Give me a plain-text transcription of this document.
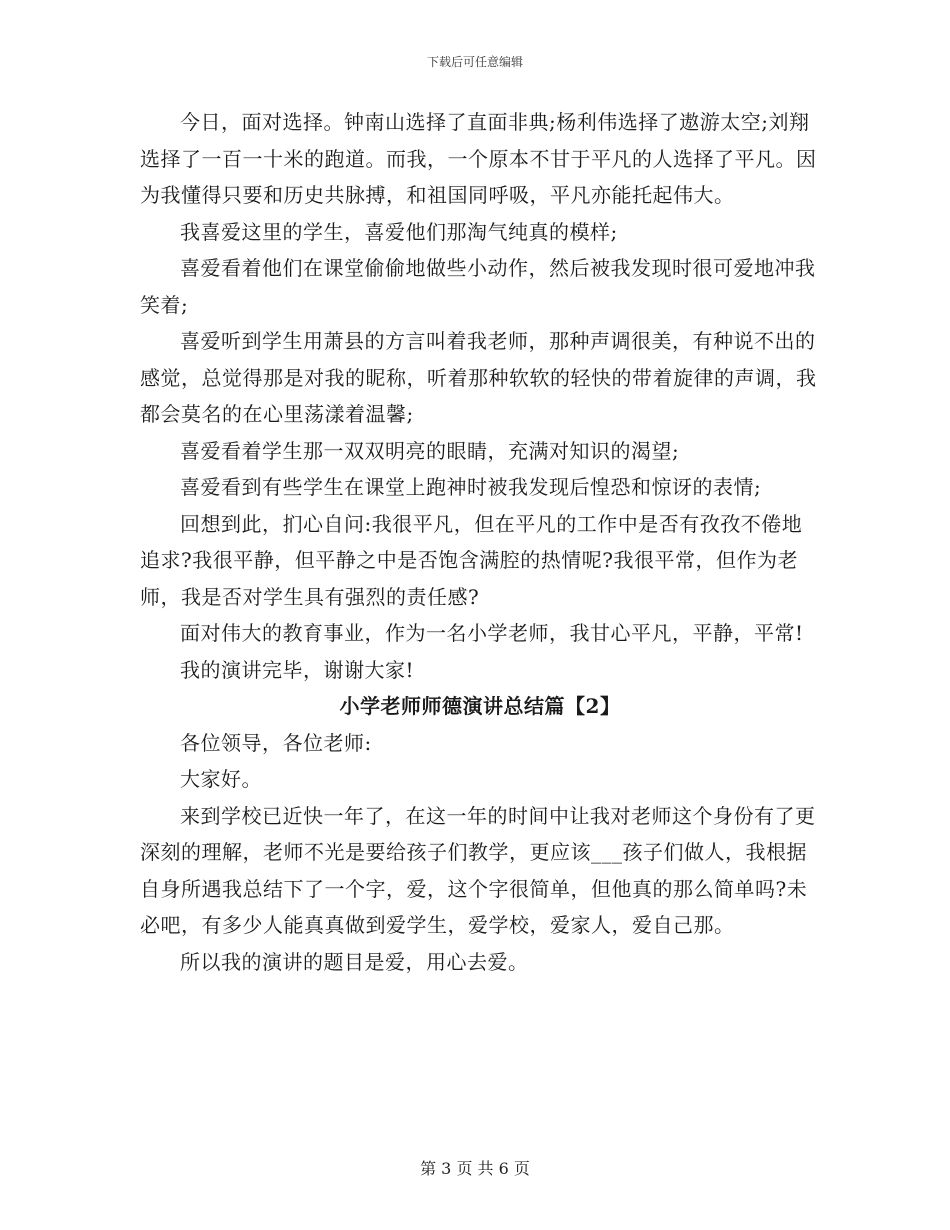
下载后可任意编辑

今日，面对选择。钟南山选择了直面非典;杨利伟选择了遨游太空;刘翔选择了一百一十米的跑道。而我，一个原本不甘于平凡的人选择了平凡。因为我懂得只要和历史共脉搏，和祖国同呼吸，平凡亦能托起伟大。

我喜爱这里的学生，喜爱他们那淘气纯真的模样;

喜爱看着他们在课堂偷偷地做些小动作，然后被我发现时很可爱地冲我笑着;

喜爱听到学生用萧县的方言叫着我老师，那种声调很美，有种说不出的感觉，总觉得那是对我的昵称，听着那种软软的轻快的带着旋律的声调，我都会莫名的在心里荡漾着温馨;

喜爱看着学生那一双双明亮的眼睛，充满对知识的渴望;

喜爱看到有些学生在课堂上跑神时被我发现后惶恐和惊讶的表情;

回想到此，扪心自问:我很平凡，但在平凡的工作中是否有孜孜不倦地追求?我很平静，但平静之中是否饱含满腔的热情呢?我很平常，但作为老师，我是否对学生具有强烈的责任感?

面对伟大的教育事业，作为一名小学老师，我甘心平凡，平静，平常!

我的演讲完毕，谢谢大家!

小学老师师德演讲总结篇【2】

各位领导，各位老师:

大家好。

来到学校已近快一年了，在这一年的时间中让我对老师这个身份有了更深刻的理解，老师不光是要给孩子们教学，更应该___孩子们做人，我根据自身所遇我总结下了一个字，爱，这个字很简单，但他真的那么简单吗?未必吧，有多少人能真真做到爱学生，爱学校，爱家人，爱自己那。

所以我的演讲的题目是爱，用心去爱。

第 3 页 共 6 页
